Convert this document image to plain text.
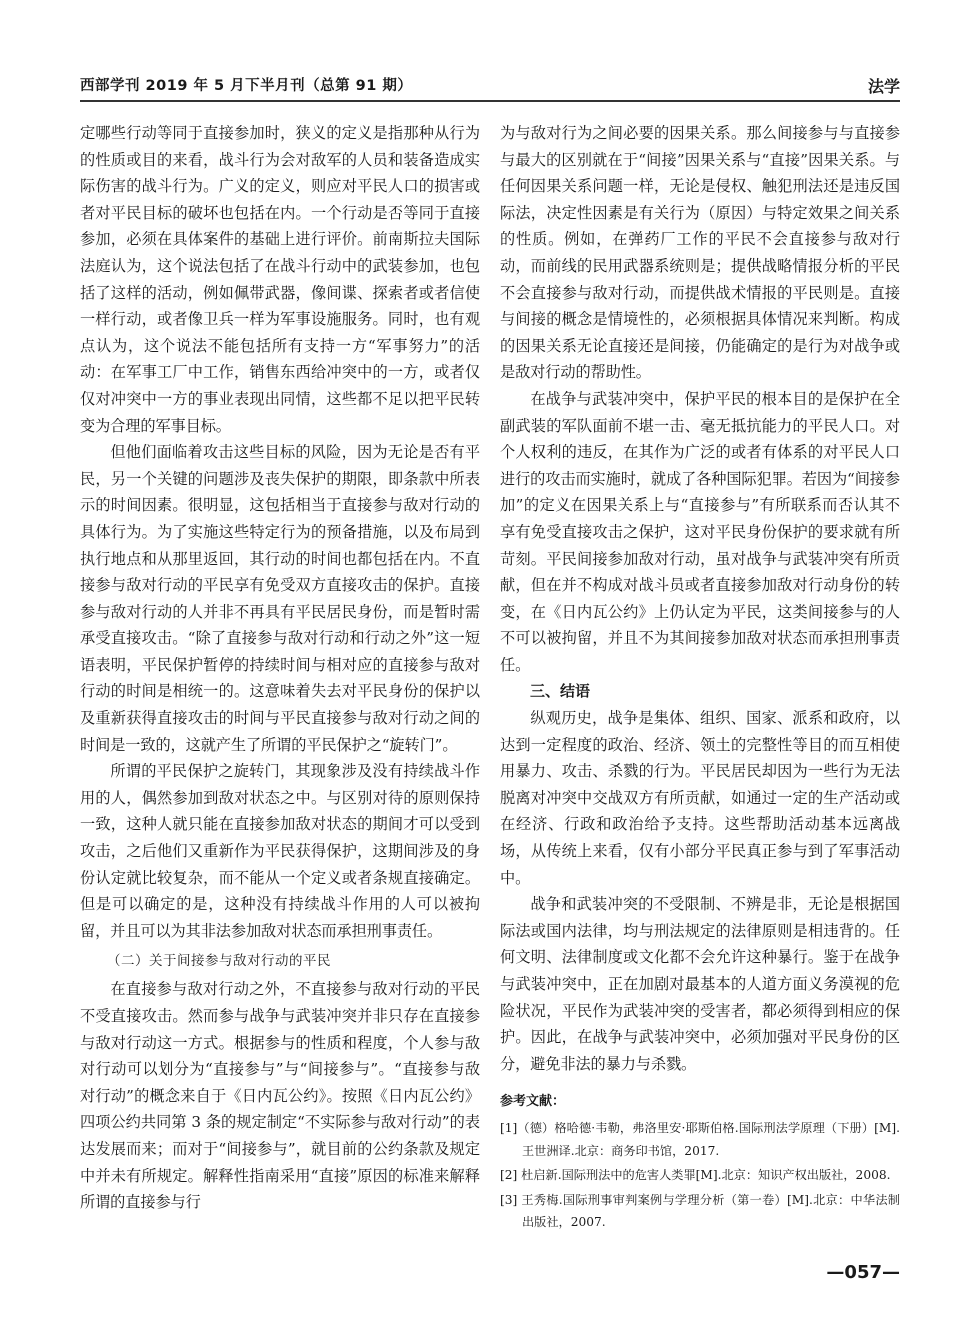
西部学刊 2019 年 5 月下半月刊（总第 91 期）	法学

定哪些行动等同于直接参加时，狭义的定义是指那种从行为的性质或目的来看，战斗行为会对敌军的人员和装备造成实际伤害的战斗行为。广义的定义，则应对平民人口的损害或者对平民目标的破坏也包括在内。一个行动是否等同于直接参加，必须在具体案件的基础上进行评价。前南斯拉夫国际法庭认为，这个说法包括了在战斗行动中的武装参加，也包括了这样的活动，例如佩带武器，像间谍、探索者或者信使一样行动，或者像卫兵一样为军事设施服务。同时，也有观点认为，这个说法不能包括所有支持一方“军事努力”的活动：在军事工厂中工作，销售东西给冲突中的一方，或者仅仅对冲突中一方的事业表现出同情，这些都不足以把平民转变为合理的军事目标。

但他们面临着攻击这些目标的风险，因为无论是否有平民，另一个关键的问题涉及丧失保护的期限，即条款中所表示的时间因素。很明显，这包括相当于直接参与敌对行动的具体行为。为了实施这些特定行为的预备措施，以及布局到执行地点和从那里返回，其行动的时间也都包括在内。不直接参与敌对行动的平民享有免受双方直接攻击的保护。直接参与敌对行动的人并非不再具有平民居民身份，而是暂时需承受直接攻击。“除了直接参与敌对行动和行动之外”这一短语表明，平民保护暂停的持续时间与相对应的直接参与敌对行动的时间是相统一的。这意味着失去对平民身份的保护以及重新获得直接攻击的时间与平民直接参与敌对行动之间的时间是一致的，这就产生了所谓的平民保护之“旋转门”。

所谓的平民保护之旋转门，其现象涉及没有持续战斗作用的人，偶然参加到敌对状态之中。与区别对待的原则保持一致，这种人就只能在直接参加敌对状态的期间才可以受到攻击，之后他们又重新作为平民获得保护，这期间涉及的身份认定就比较复杂，而不能从一个定义或者条规直接确定。但是可以确定的是，这种没有持续战斗作用的人可以被拘留，并且可以为其非法参加敌对状态而承担刑事责任。

（二）关于间接参与敌对行动的平民

在直接参与敌对行动之外，不直接参与敌对行动的平民不受直接攻击。然而参与战争与武装冲突并非只存在直接参与敌对行动这一方式。根据参与的性质和程度，个人参与敌对行动可以划分为“直接参与”与“间接参与”。“直接参与敌对行动”的概念来自于《日内瓦公约》。按照《日内瓦公约》四项公约共同第 3 条的规定制定“不实际参与敌对行动”的表达发展而来；而对于“间接参与”，就目前的公约条款及规定中并未有所规定。解释性指南采用“直接”原因的标准来解释所谓的直接参与行

为与敌对行为之间必要的因果关系。那么间接参与与直接参与最大的区别就在于“间接”因果关系与“直接”因果关系。与任何因果关系问题一样，无论是侵权、触犯刑法还是违反国际法，决定性因素是有关行为（原因）与特定效果之间关系的性质。例如，在弹药厂工作的平民不会直接参与敌对行动，而前线的民用武器系统则是；提供战略情报分析的平民不会直接参与敌对行动，而提供战术情报的平民则是。直接与间接的概念是情境性的，必须根据具体情况来判断。构成的因果关系无论直接还是间接，仍能确定的是行为对战争或是敌对行动的帮助性。

在战争与武装冲突中，保护平民的根本目的是保护在全副武装的军队面前不堪一击、毫无抵抗能力的平民人口。对个人权利的违反，在其作为广泛的或者有体系的对平民人口进行的攻击而实施时，就成了各种国际犯罪。若因为“间接参加”的定义在因果关系上与“直接参与”有所联系而否认其不享有免受直接攻击之保护，这对平民身份保护的要求就有所苛刻。平民间接参加敌对行动，虽对战争与武装冲突有所贡献，但在并不构成对战斗员或者直接参加敌对行动身份的转变，在《日内瓦公约》上仍认定为平民，这类间接参与的人不可以被拘留，并且不为其间接参加敌对状态而承担刑事责任。

三、结语

纵观历史，战争是集体、组织、国家、派系和政府，以达到一定程度的政治、经济、领土的完整性等目的而互相使用暴力、攻击、杀戮的行为。平民居民却因为一些行为无法脱离对冲突中交战双方有所贡献，如通过一定的生产活动或在经济、行政和政治给予支持。这些帮助活动基本远离战场，从传统上来看，仅有小部分平民真正参与到了军事活动中。

战争和武装冲突的不受限制、不辨是非，无论是根据国际法或国内法律，均与刑法规定的法律原则是相违背的。任何文明、法律制度或文化都不会允许这种暴行。鉴于在战争与武装冲突中，正在加剧对最基本的人道方面义务漠视的危险状况，平民作为武装冲突的受害者，都必须得到相应的保护。因此，在战争与武装冲突中，必须加强对平民身份的区分，避免非法的暴力与杀戮。

参考文献：

[1]（德）格哈德·韦勒，弗洛里安·耶斯伯格.国际刑法学原理（下册）[M].王世洲译.北京：商务印书馆，2017.

[2] 杜启新.国际刑法中的危害人类罪[M].北京：知识产权出版社，2008.

[3] 王秀梅.国际刑事审判案例与学理分析（第一卷）[M].北京：中华法制出版社，2007.

—057—
